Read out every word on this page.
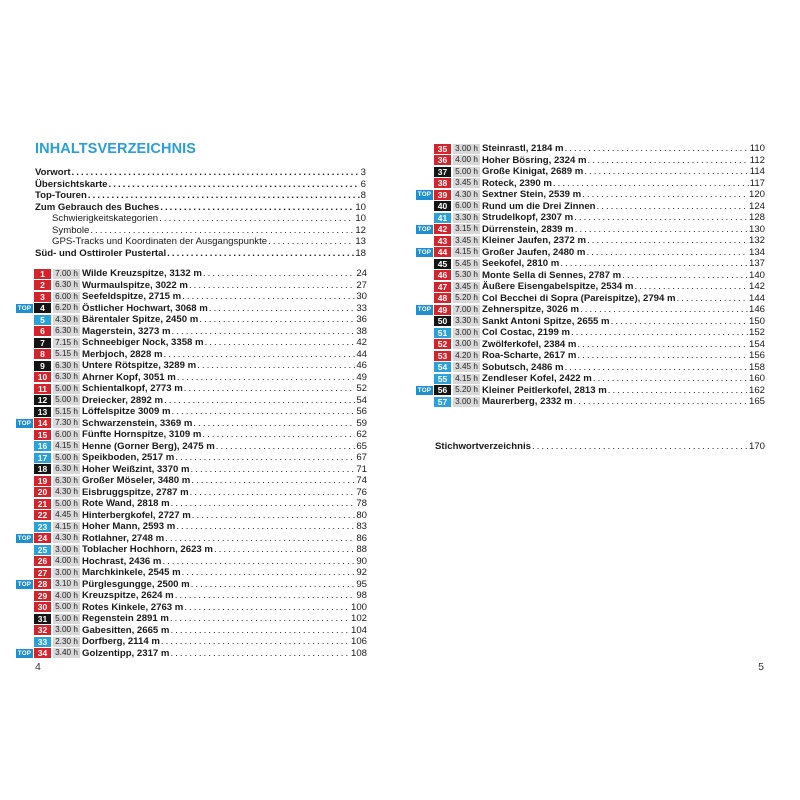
INHALTSVERZEICHNIS
Vorwort . . .	3
Übersichtskarte . . .	6
Top-Touren . . .	8
Zum Gebrauch des Buches . . .	10
Schwierigkeitskategorien . . .	10
Symbole . . .	12
GPS-Tracks und Koordinaten der Ausgangspunkte . . .	13
Süd- und Osttiroler Pustertal . . .	18
1	7.00 h Wilde Kreuzspitze, 3132 m . . .	24
2	6.30 h Wurmaulspitze, 3022 m . . .	27
3	6.00 h Seefeldspitze, 2715 m . . .	30
TOP	4	6.20 h Östlicher Hochwart, 3068 m . . .	33
5	4.30 h Bärentaler Spitze, 2450 m . . .	36
6	6.30 h Magerstein, 3273 m . . .	38
7	7.15 h Schneebiger Nock, 3358 m . . .	42
8	5.15 h Merbjoch, 2828 m . . .	44
9	6.30 h Untere Rötspitze, 3289 m . . .	46
10 6.30 h Ahrner Kopf, 3051 m . . .	49
11 5.00 h Schientalkopf, 2773 m . . .	52
12 5.00 h Dreiecker, 2892 m . . .	54
13 5.15 h Löffelspitze 3009 m . . .	56
TOP 14 7.30 h Schwarzenstein, 3369 m . . .	59
15 6.00 h Fünfte Hornspitze, 3109 m . . .	62
16 4.15 h Henne (Gorner Berg), 2475 m . . .	65
17 5.00 h Speikboden, 2517 m . . .	67
18 6.30 h Hoher Weißzint, 3370 m . . .	71
19 6.30 h Großer Möseler, 3480 m . . .	74
20 4.30 h Eisbruggspitze, 2787 m . . .	76
21 5.00 h Rote Wand, 2818 m . . .	78
22 4.45 h Hinterbergkofel, 2727 m . . .	80
23 4.15 h Hoher Mann, 2593 m . . .	83
TOP 24 4.30 h Rotlahner, 2748 m . . .	86
25 3.00 h Toblacher Hochhorn, 2623 m . . .	88
26 4.00 h Hochrast, 2436 m . . .	90
27 3.00 h Marchkinkele, 2545 m . . .	92
TOP 28 3.10 h Pürglesgungge, 2500 m . . .	95
29 4.00 h Kreuzspitze, 2624 m . . .	98
30 5.00 h Rotes Kinkele, 2763 m . . .	100
31 5.00 h Regenstein 2891 m . . .	102
32 3.00 h Gabesitten, 2665 m . . .	104
33 2.30 h Dorfberg, 2114 m . . .	106
TOP 34 3.40 h Golzentipp, 2317 m . . .	108
4
35 3.00 h Steinrastl, 2184 m . . .	110
36 4.00 h Hoher Bösring, 2324 m . . .	112
37 5.00 h Große Kinigat, 2689 m . . .	114
38 3.45 h Roteck, 2390 m . . .	117
TOP 39 4.30 h Sextner Stein, 2539 m . . .	120
40 6.00 h Rund um die Drei Zinnen . . .	124
41 3.30 h Strudelkopf, 2307 m . . .	128
TOP 42 3.15 h Dürrenstein, 2839 m . . .	130
43 3.45 h Kleiner Jaufen, 2372 m . . .	132
TOP 44 4.15 h Großer Jaufen, 2480 m . . .	134
45 5.45 h Seekofel, 2810 m . . .	137
46 5.30 h Monte Sella di Sennes, 2787 m . . .	140
47 3.45 h Äußere Eisengabelspitze, 2534 m . . .	142
48 5.20 h Col Becchei di Sopra (Pareispitze), 2794 m . . .	144
TOP 49 7.00 h Zehnerspitze, 3026 m . . .	146
50 3.30 h Sankt Antoni Spitze, 2655 m . . .	150
51 3.00 h Col Costac, 2199 m . . .	152
52 3.00 h Zwölferkofel, 2384 m . . .	154
53 4.20 h Roa-Scharte, 2617 m . . .	156
54 3.45 h Sobutsch, 2486 m . . .	158
55 4.15 h Zendleser Kofel, 2422 m . . .	160
TOP 56 5.20 h Kleiner Peitlerkofel, 2813 m . . .	162
57 3.00 h Maurerberg, 2332 m . . .	165
Stichwortverzeichnis . . .	170
5
